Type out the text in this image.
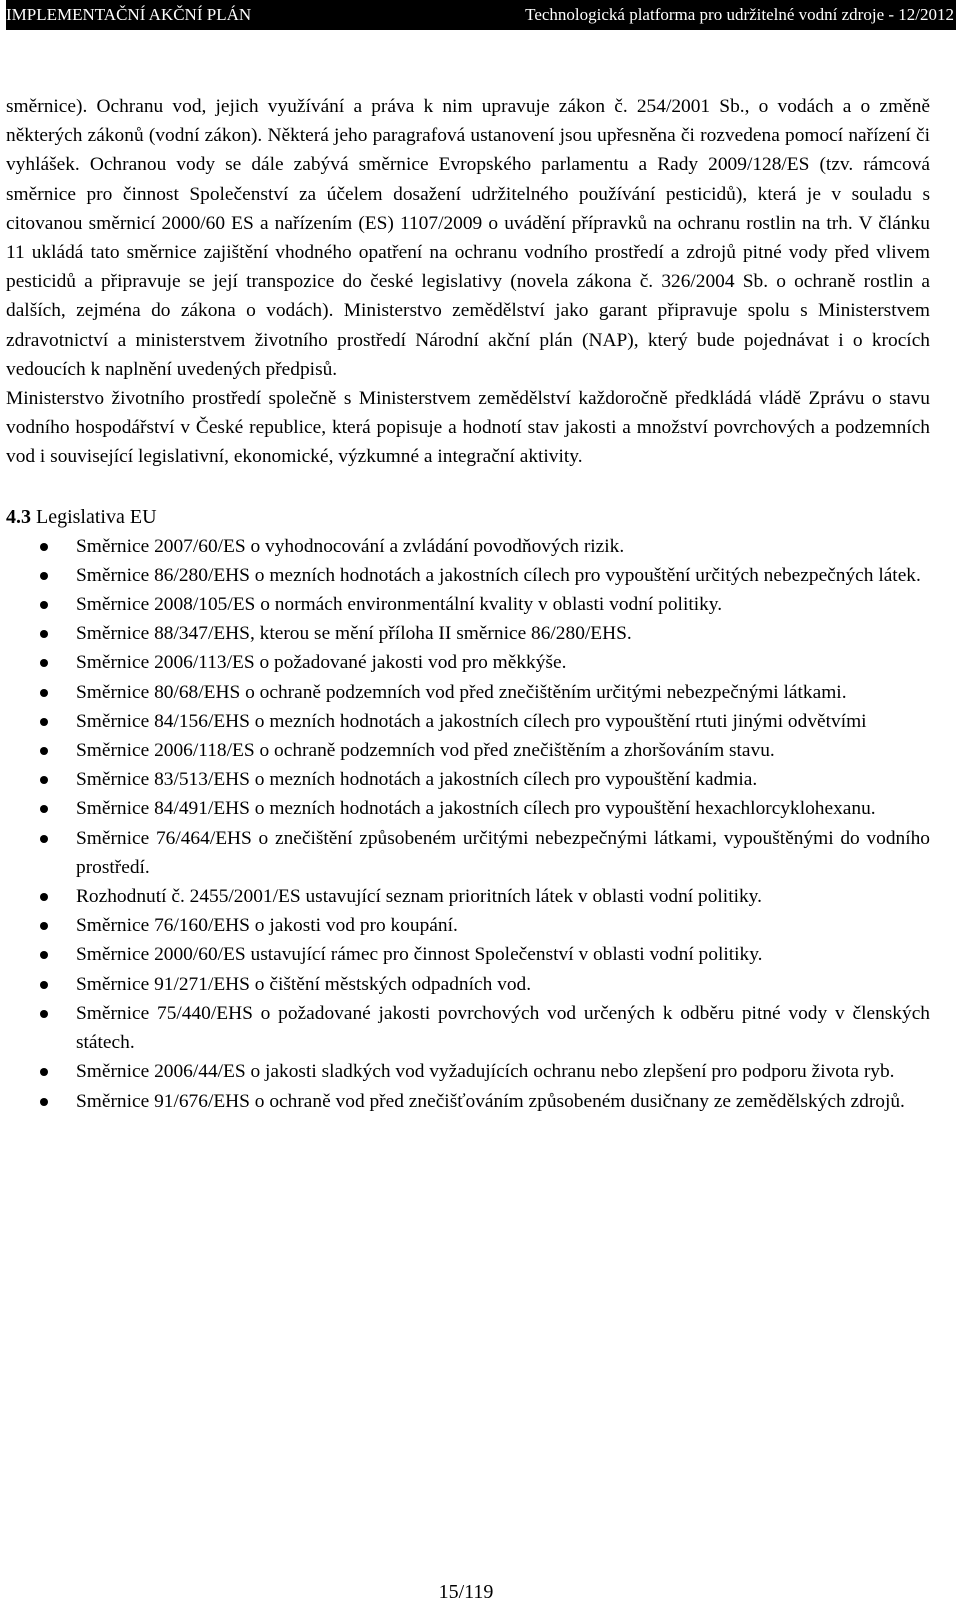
IMPLEMENTAČNÍ AKČNÍ PLÁN	Technologická platforma pro udržitelné vodní zdroje - 12/2012

směrnice). Ochranu vod, jejich využívání a práva k nim upravuje zákon č. 254/2001 Sb., o vodách a o změně některých zákonů (vodní zákon). Některá jeho paragrafová ustanovení jsou upřesněna či rozvedena pomocí nařízení či vyhlášek. Ochranou vody se dále zabývá směrnice Evropského parlamentu a Rady 2009/128/ES (tzv. rámcová směrnice pro činnost Společenství za účelem dosažení udržitelného používání pesticidů), která je v souladu s citovanou směrnicí 2000/60 ES a nařízením (ES) 1107/2009 o uvádění přípravků na ochranu rostlin na trh. V článku 11 ukládá tato směrnice zajištění vhodného opatření na ochranu vodního prostředí a zdrojů pitné vody před vlivem pesticidů a připravuje se její transpozice do české legislativy (novela zákona č. 326/2004 Sb. o ochraně rostlin a dalších, zejména do zákona o vodách). Ministerstvo zemědělství jako garant připravuje spolu s Ministerstvem zdravotnictví a ministerstvem životního prostředí Národní akční plán (NAP), který bude pojednávat i o krocích vedoucích k naplnění uvedených předpisů.

Ministerstvo životního prostředí společně s Ministerstvem zemědělství každoročně předkládá vládě Zprávu o stavu vodního hospodářství v České republice, která popisuje a hodnotí stav jakosti a množství povrchových a podzemních vod i související legislativní, ekonomické, výzkumné a integrační aktivity.

4.3 Legislativa EU
Směrnice 2007/60/ES o vyhodnocování a zvládání povodňových rizik.
Směrnice 86/280/EHS o mezních hodnotách a jakostních cílech pro vypouštění určitých nebezpečných látek.
Směrnice 2008/105/ES o normách environmentální kvality v oblasti vodní politiky.
Směrnice 88/347/EHS, kterou se mění příloha II směrnice 86/280/EHS.
Směrnice 2006/113/ES o požadované jakosti vod pro měkkýše.
Směrnice 80/68/EHS o ochraně podzemních vod před znečištěním určitými nebezpečnými látkami.
Směrnice 84/156/EHS o mezních hodnotách a jakostních cílech pro vypouštění rtuti jinými odvětvími
Směrnice 2006/118/ES o ochraně podzemních vod před znečištěním a zhoršováním stavu.
Směrnice 83/513/EHS o mezních hodnotách a jakostních cílech pro vypouštění kadmia.
Směrnice 84/491/EHS o mezních hodnotách a jakostních cílech pro vypouštění hexachlorcyklohexanu.
Směrnice 76/464/EHS o znečištění způsobeném určitými nebezpečnými látkami, vypouštěnými do vodního prostředí.
Rozhodnutí č. 2455/2001/ES ustavující seznam prioritních látek v oblasti vodní politiky.
Směrnice 76/160/EHS o jakosti vod pro koupání.
Směrnice 2000/60/ES ustavující rámec pro činnost Společenství v oblasti vodní politiky.
Směrnice 91/271/EHS o čištění městských odpadních vod.
Směrnice 75/440/EHS o požadované jakosti povrchových vod určených k odběru pitné vody v členských státech.
Směrnice 2006/44/ES o jakosti sladkých vod vyžadujících ochranu nebo zlepšení pro podporu života ryb.
Směrnice 91/676/EHS o ochraně vod před znečišťováním způsobeném dusičnany ze zemědělských zdrojů.
15/119
